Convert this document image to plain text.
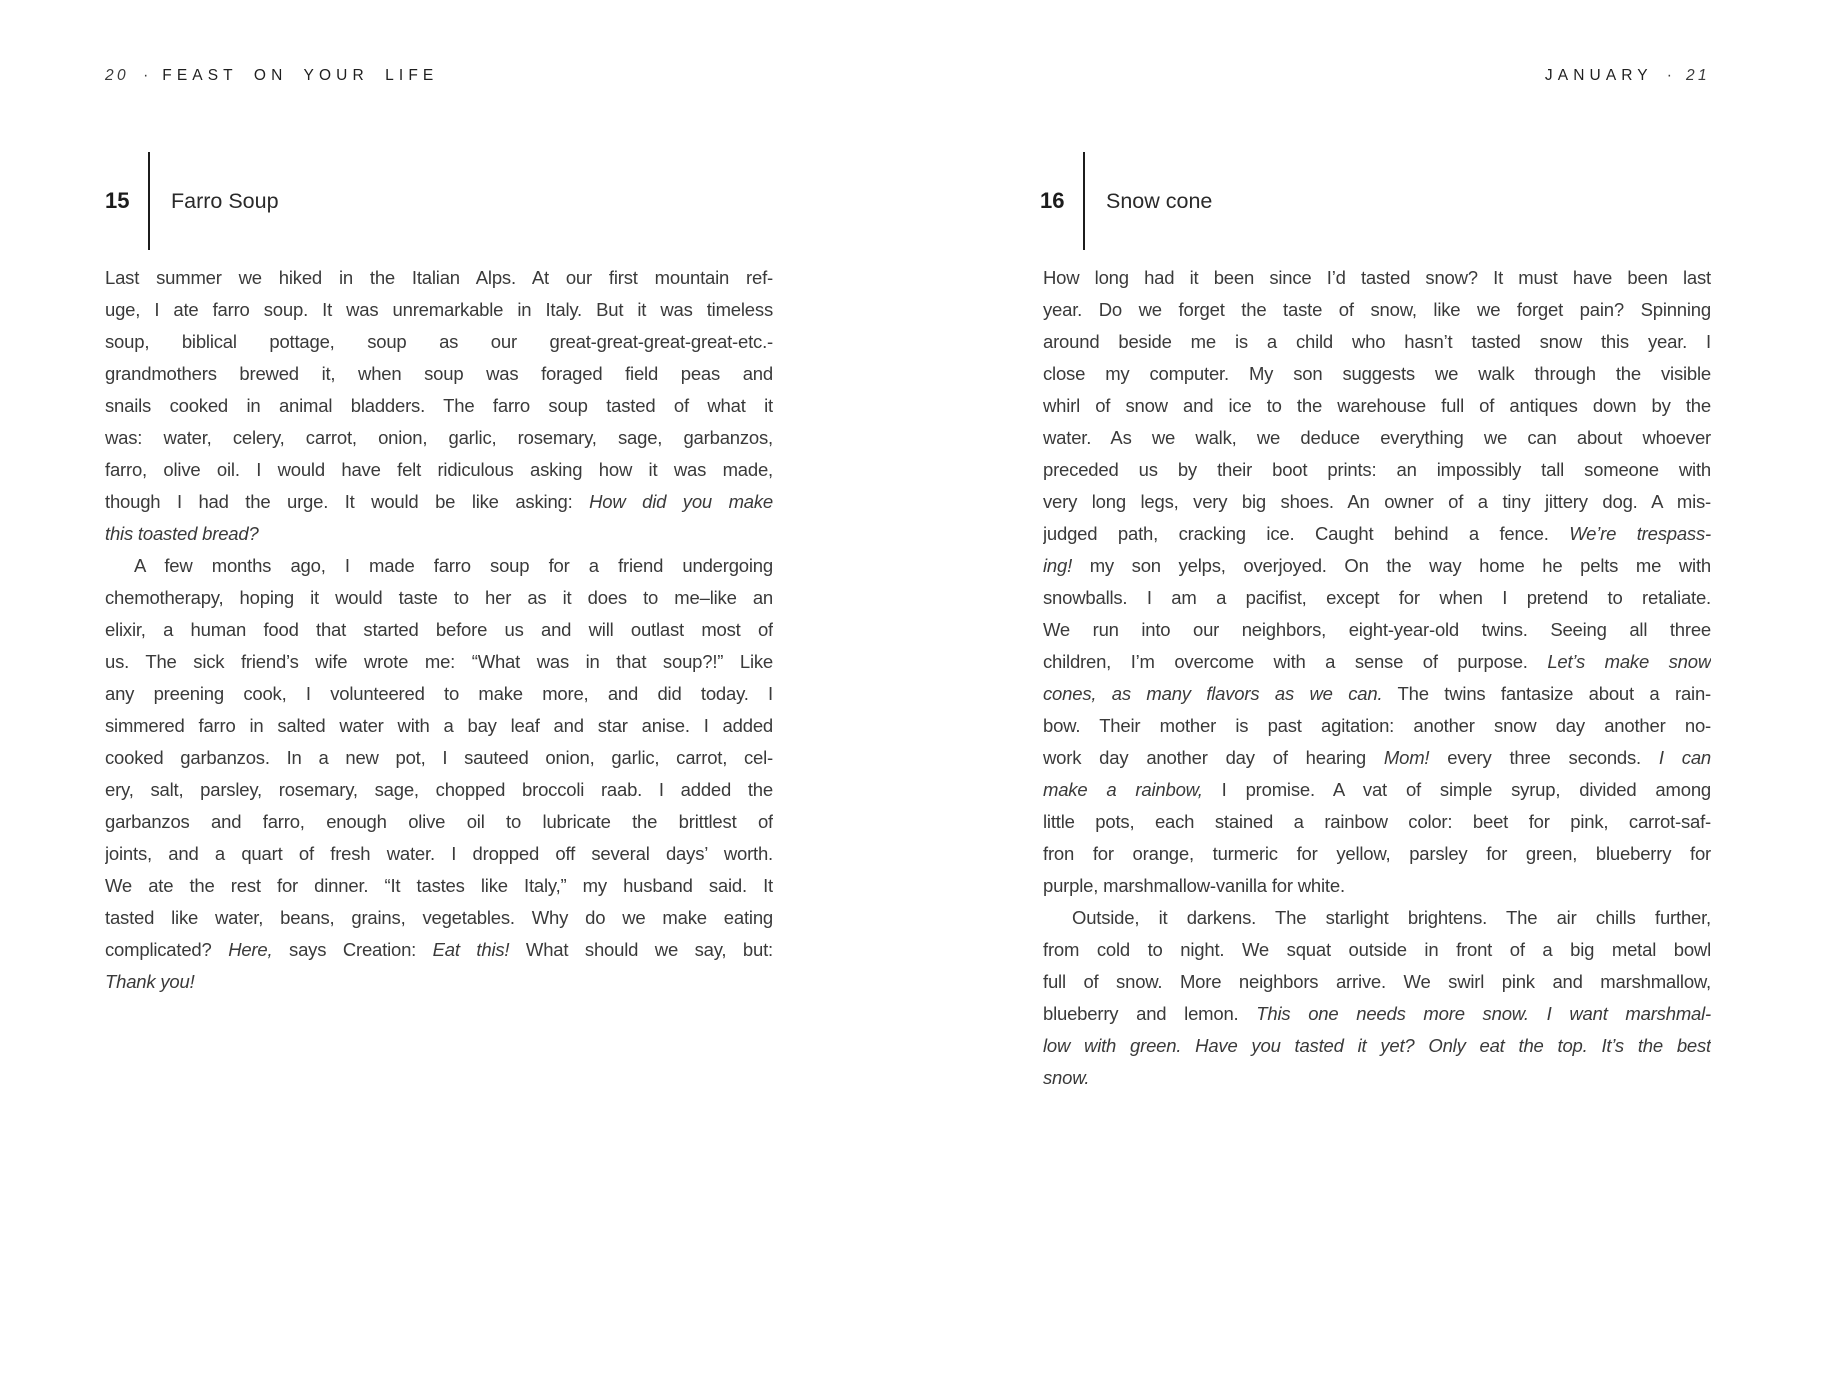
20 · FEAST ON YOUR LIFE
15	Farro Soup
Last summer we hiked in the Italian Alps. At our first mountain ref-
uge, I ate farro soup. It was unremarkable in Italy. But it was timeless
soup, biblical pottage, soup as our great-great-great-great-etc.-
grandmothers brewed it, when soup was foraged field peas and
snails cooked in animal bladders. The farro soup tasted of what it
was: water, celery, carrot, onion, garlic, rosemary, sage, garbanzos,
farro, olive oil. I would have felt ridiculous asking how it was made,
though I had the urge. It would be like asking: How did you make
this toasted bread?
A few months ago, I made farro soup for a friend undergoing
chemotherapy, hoping it would taste to her as it does to me–like an
elixir, a human food that started before us and will outlast most of
us. The sick friend’s wife wrote me: “What was in that soup?!” Like
any preening cook, I volunteered to make more, and did today. I
simmered farro in salted water with a bay leaf and star anise. I added
cooked garbanzos. In a new pot, I sauteed onion, garlic, carrot, cel-
ery, salt, parsley, rosemary, sage, chopped broccoli raab. I added the
garbanzos and farro, enough olive oil to lubricate the brittlest of
joints, and a quart of fresh water. I dropped off several days’ worth.
We ate the rest for dinner. “It tastes like Italy,” my husband said. It
tasted like water, beans, grains, vegetables. Why do we make eating
complicated? Here, says Creation: Eat this! What should we say, but:
Thank you!
JANUARY · 21
16	Snow cone
How long had it been since I’d tasted snow? It must have been last
year. Do we forget the taste of snow, like we forget pain? Spinning
around beside me is a child who hasn’t tasted snow this year. I
close my computer. My son suggests we walk through the visible
whirl of snow and ice to the warehouse full of antiques down by the
water. As we walk, we deduce everything we can about whoever
preceded us by their boot prints: an impossibly tall someone with
very long legs, very big shoes. An owner of a tiny jittery dog. A mis-
judged path, cracking ice. Caught behind a fence. We’re trespass-
ing! my son yelps, overjoyed. On the way home he pelts me with
snowballs. I am a pacifist, except for when I pretend to retaliate.
We run into our neighbors, eight-year-old twins. Seeing all three
children, I’m overcome with a sense of purpose. Let’s make snow
cones, as many flavors as we can. The twins fantasize about a rain-
bow. Their mother is past agitation: another snow day another no-
work day another day of hearing Mom! every three seconds. I can
make a rainbow, I promise. A vat of simple syrup, divided among
little pots, each stained a rainbow color: beet for pink, carrot-saf-
fron for orange, turmeric for yellow, parsley for green, blueberry for
purple, marshmallow-vanilla for white.
Outside, it darkens. The starlight brightens. The air chills further,
from cold to night. We squat outside in front of a big metal bowl
full of snow. More neighbors arrive. We swirl pink and marshmallow,
blueberry and lemon. This one needs more snow. I want marshmal-
low with green. Have you tasted it yet? Only eat the top. It’s the best
snow.
